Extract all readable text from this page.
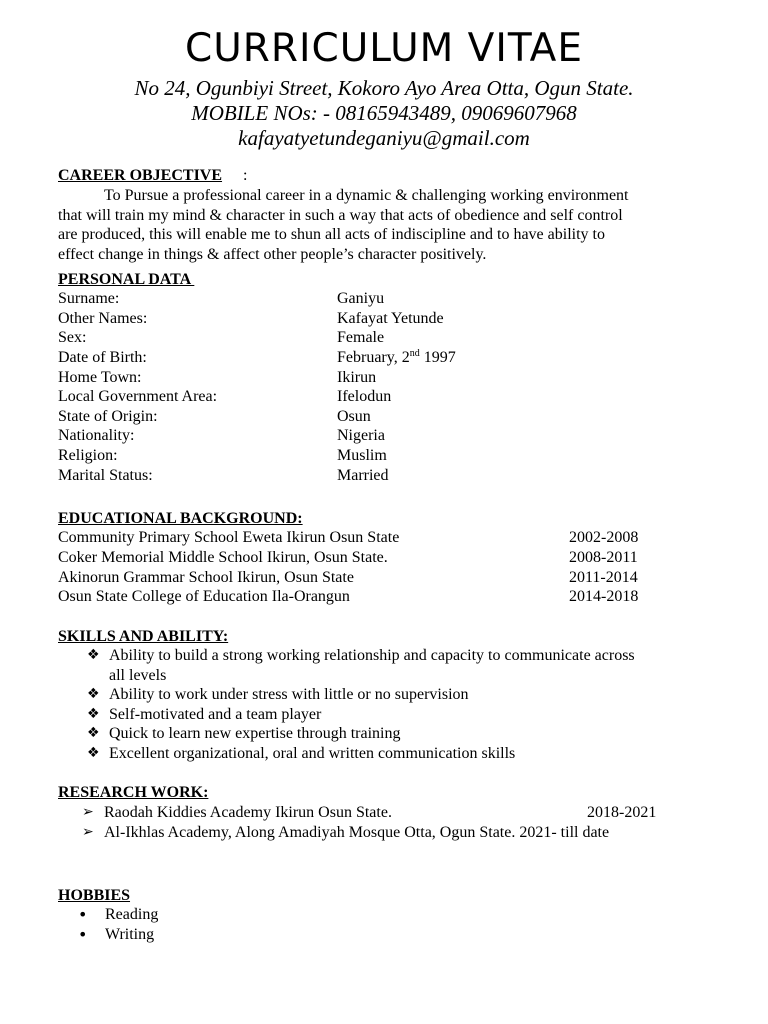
CURRICULUM VITAE
No 24, Ogunbiyi Street, Kokoro Ayo Area Otta, Ogun State.
MOBILE NOs: - 08165943489, 09069607968
kafayatyetundeganiyu@gmail.com
CAREER OBJECTIVE :
To Pursue a professional career in a dynamic & challenging working environment
that will train my mind & character in such a way that acts of obedience and self control
are produced, this will enable me to shun all acts of indiscipline and to have ability to
effect change in things & affect other people’s character positively.
PERSONAL DATA
Surname:	Ganiyu
Other Names:	Kafayat Yetunde
Sex:	Female
Date of Birth:	February, 2nd 1997
Home Town:	Ikirun
Local Government Area:	Ifelodun
State of Origin:	Osun
Nationality:	Nigeria
Religion:	Muslim
Marital Status:	Married
EDUCATIONAL BACKGROUND:
Community Primary School Eweta Ikirun Osun State	2002-2008
Coker Memorial Middle School Ikirun, Osun State.	2008-2011
Akinorun Grammar School Ikirun, Osun State	2011-2014
Osun State College of Education Ila-Orangun	2014-2018
SKILLS AND ABILITY:
❖ Ability to build a strong working relationship and capacity to communicate across
all levels
❖ Ability to work under stress with little or no supervision
❖ Self-motivated and a team player
❖ Quick to learn new expertise through training
❖ Excellent organizational, oral and written communication skills
RESEARCH WORK:
➢ Raodah Kiddies Academy Ikirun Osun State.	2018-2021
➢ Al-Ikhlas Academy, Along Amadiyah Mosque Otta, Ogun State. 2021- till date
HOBBIES
• Reading
• Writing
